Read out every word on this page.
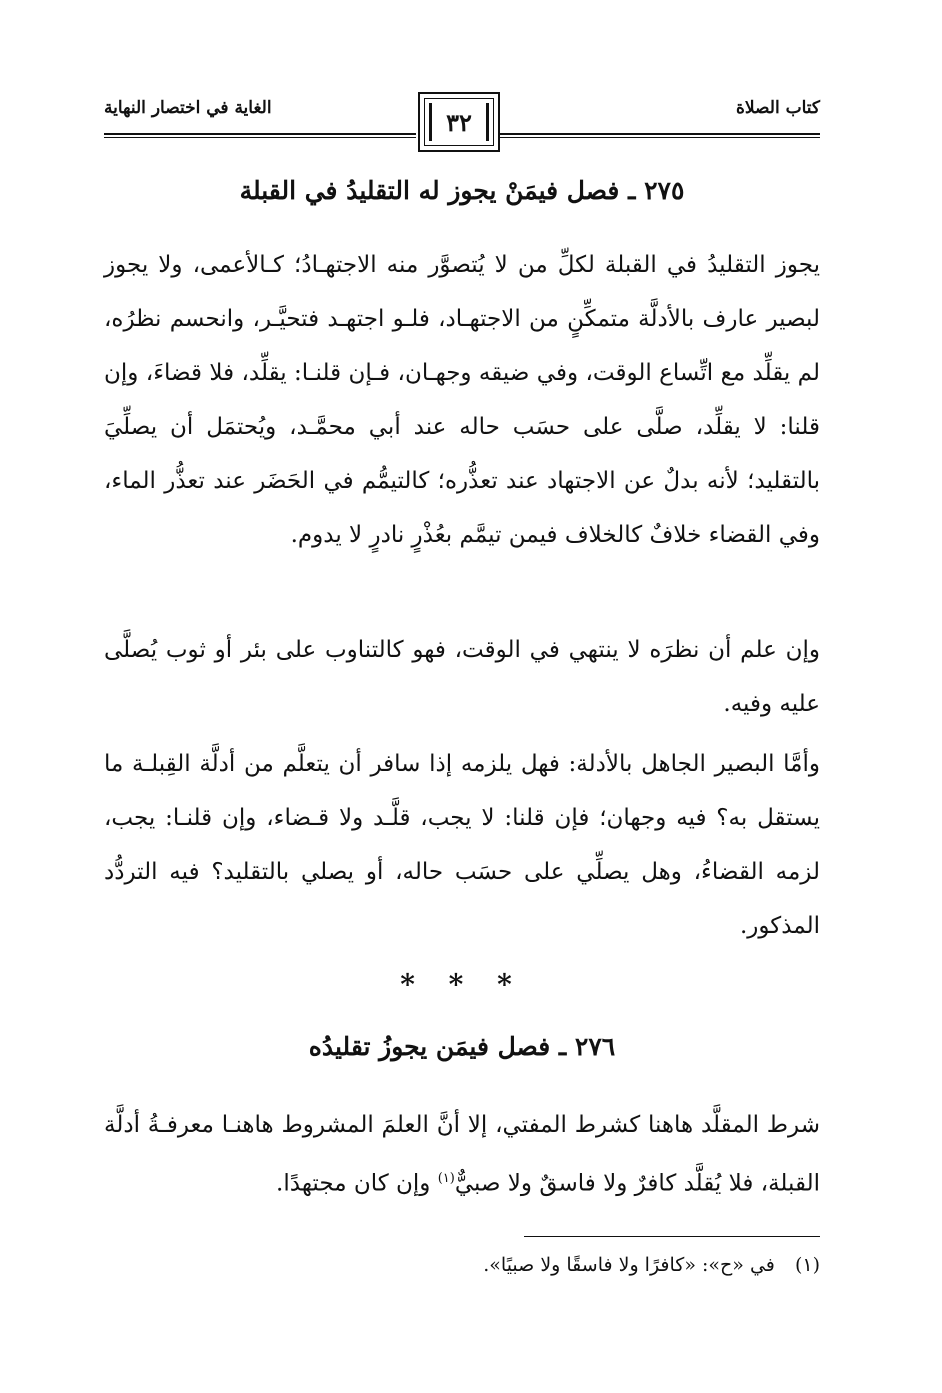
كتاب الصلاة
الغاية في اختصار النهاية	٣٢
٢٧٥ ـ فصل فيمَنْ يجوز له التقليدُ في القبلة

يجوز التقليدُ في القبلة لكلِّ من لا يُتصوَّر منه الاجتهـادُ؛ كـالأعمى، ولا يجوز لبصير عارف بالأدلَّة متمكِّنٍ من الاجتهـاد، فلـو اجتهـد فتحيَّـر، وانحسم نظرُه، لم يقلِّد مع اتِّساع الوقت، وفي ضيقه وجهـان، فـإن قلنـا: يقلِّد، فلا قضاءَ، وإن قلنا: لا يقلِّد، صلَّى على حسَب حاله عند أبي محمَّـد، ويُحتمَل أن يصلِّيَ بالتقليد؛ لأنه بدلٌ عن الاجتهاد عند تعذُّره؛ كالتيمُّم في الحَضَر عند تعذُّر الماء، وفي القضاء خلافٌ كالخلاف فيمن تيمَّم بعُذْرٍ نادرٍ لا يدوم.

وإن علم أن نظرَه لا ينتهي في الوقت، فهو كالتناوب على بئر أو ثوب يُصلَّى عليه وفيه.

وأمَّا البصير الجاهل بالأدلة: فهل يلزمه إذا سافر أن يتعلَّم من أدلَّة القِبلـة ما يستقل به؟ فيه وجهان؛ فإن قلنا: لا يجب، قلَّـد ولا قـضاء، وإن قلنـا: يجب، لزمه القضاءُ، وهل يصلِّي على حسَب حاله، أو يصلي بالتقليد؟ فيه التردُّد المذكور.

* * *
٢٧٦ ـ فصل فيمَن يجوزُ تقليدُه

شرط المقلَّد هاهنا كشرط المفتي، إلا أنَّ العلمَ المشروط هاهنـا معرفـةُ أدلَّة القبلة، فلا يُقلَّد كافرٌ ولا فاسقٌ ولا صبيٌّ$^{(١)}$ وإن كان مجتهدًا.

(١) في «ح»: «كافرًا ولا فاسقًا ولا صبيًا».
